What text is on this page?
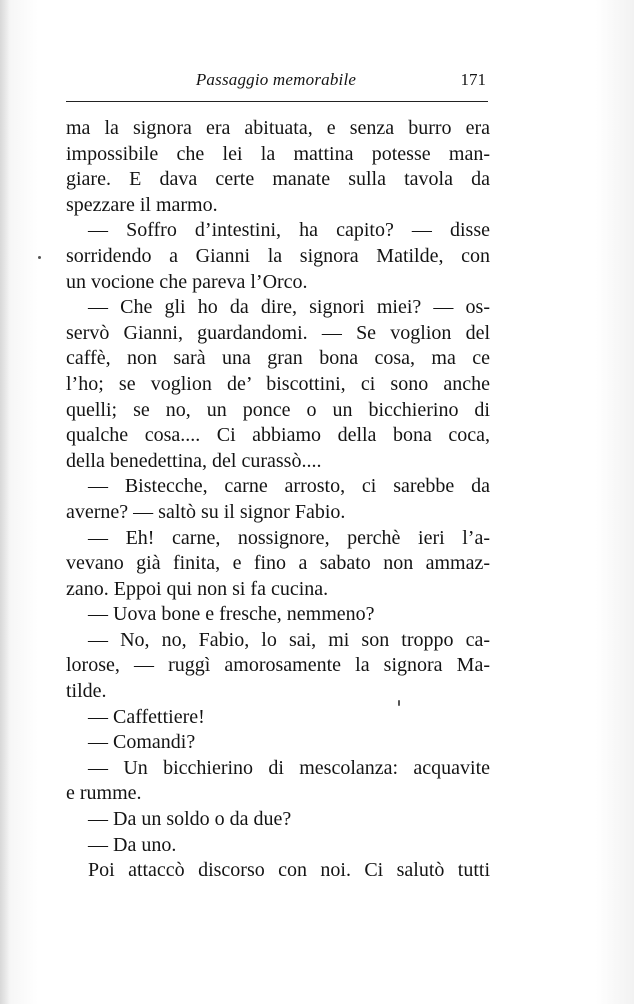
Passaggio memorabile	171
ma la signora era abituata, e senza burro era
impossibile che lei la mattina potesse man-
giare. E dava certe manate sulla tavola da
spezzare il marmo.
— Soffro d’intestini, ha capito? — disse
sorridendo a Gianni la signora Matilde, con
un vocione che pareva l’Orco.
— Che gli ho da dire, signori miei? — os-
servò Gianni, guardandomi. — Se voglion del
caffè, non sarà una gran bona cosa, ma ce
l’ho; se voglion de’ biscottini, ci sono anche
quelli; se no, un ponce o un bicchierino di
qualche cosa.... Ci abbiamo della bona coca,
della benedettina, del curassò....
— Bistecche, carne arrosto, ci sarebbe da
averne? — saltò su il signor Fabio.
— Eh! carne, nossignore, perchè ieri l’a-
vevano già finita, e fino a sabato non ammaz-
zano. Eppoi qui non si fa cucina.
— Uova bone e fresche, nemmeno?
— No, no, Fabio, lo sai, mi son troppo ca-
lorose, — ruggì amorosamente la signora Ma-
tilde.
— Caffettiere!
— Comandi?
— Un bicchierino di mescolanza: acquavite
e rumme.
— Da un soldo o da due?
— Da uno.
Poi attaccò discorso con noi. Ci salutò tutti
